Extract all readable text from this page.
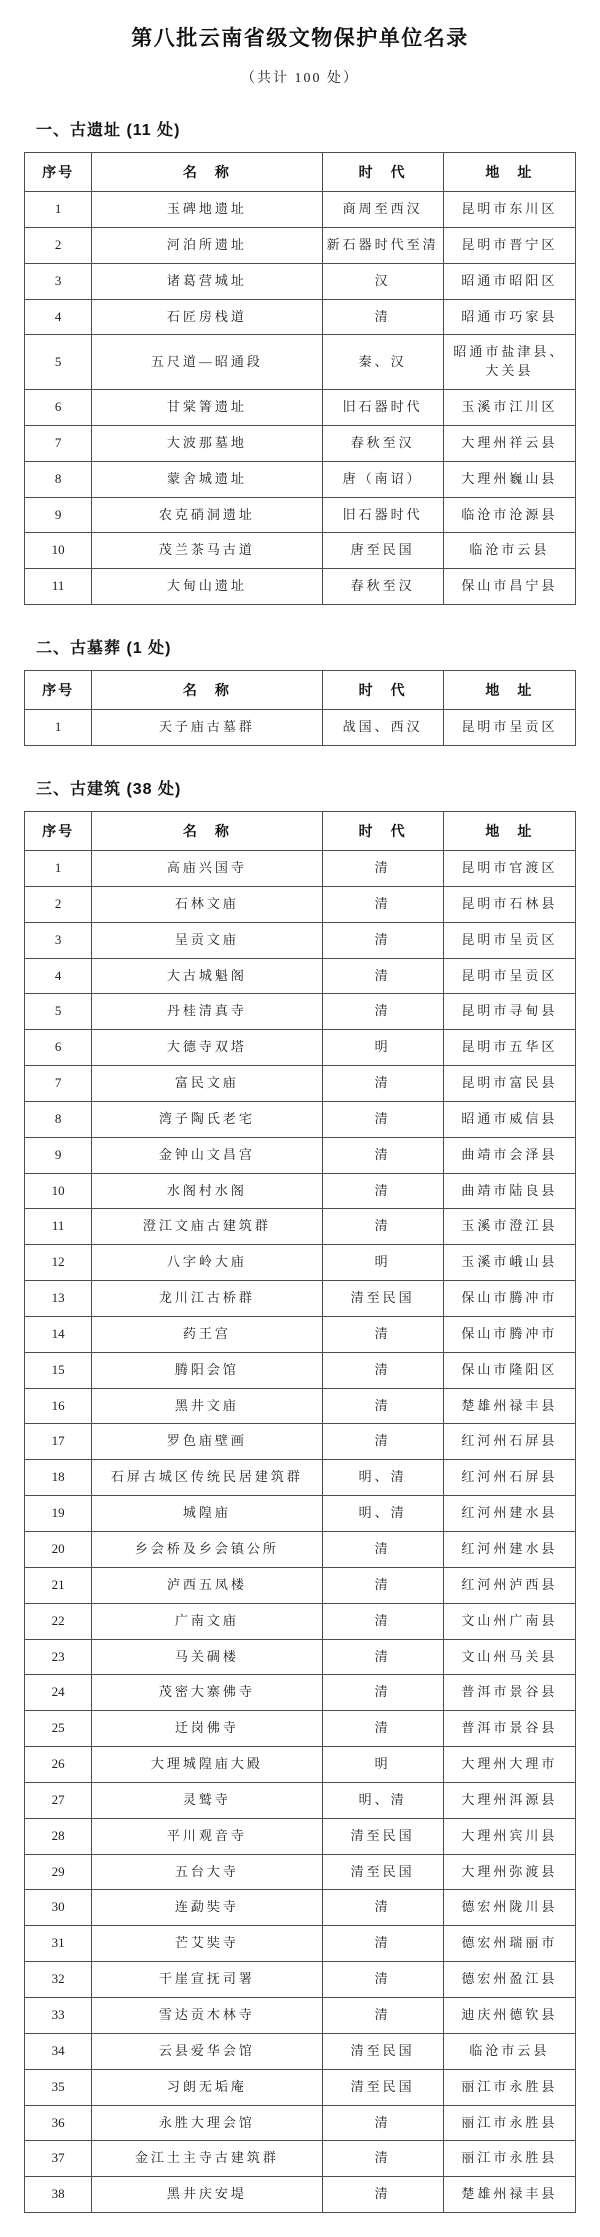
第八批云南省级文物保护单位名录
（共计 100 处）
一、古遗址 (11 处)
序号	名　称	时　代	地　址
1	玉碑地遗址	商周至西汉	昆明市东川区
2	河泊所遗址	新石器时代至清	昆明市晋宁区
3	诸葛营城址	汉	昭通市昭阳区
4	石匠房栈道	清	昭通市巧家县
5	五尺道—昭通段	秦、汉	昭通市盐津县、大关县
6	甘棠箐遗址	旧石器时代	玉溪市江川区
7	大波那墓地	春秋至汉	大理州祥云县
8	蒙舍城遗址	唐（南诏）	大理州巍山县
9	农克硝洞遗址	旧石器时代	临沧市沧源县
10	茂兰茶马古道	唐至民国	临沧市云县
11	大甸山遗址	春秋至汉	保山市昌宁县
二、古墓葬 (1 处)
序号	名　称	时　代	地　址
1	天子庙古墓群	战国、西汉	昆明市呈贡区
三、古建筑 (38 处)
序号	名　称	时　代	地　址
1	高庙兴国寺	清	昆明市官渡区
2	石林文庙	清	昆明市石林县
3	呈贡文庙	清	昆明市呈贡区
4	大古城魁阁	清	昆明市呈贡区
5	丹桂清真寺	清	昆明市寻甸县
6	大德寺双塔	明	昆明市五华区
7	富民文庙	清	昆明市富民县
8	湾子陶氏老宅	清	昭通市威信县
9	金钟山文昌宫	清	曲靖市会泽县
10	水阁村水阁	清	曲靖市陆良县
11	澄江文庙古建筑群	清	玉溪市澄江县
12	八字岭大庙	明	玉溪市峨山县
13	龙川江古桥群	清至民国	保山市腾冲市
14	药王宫	清	保山市腾冲市
15	腾阳会馆	清	保山市隆阳区
16	黑井文庙	清	楚雄州禄丰县
17	罗色庙壁画	清	红河州石屏县
18	石屏古城区传统民居建筑群	明、清	红河州石屏县
19	城隍庙	明、清	红河州建水县
20	乡会桥及乡会镇公所	清	红河州建水县
21	泸西五凤楼	清	红河州泸西县
22	广南文庙	清	文山州广南县
23	马关碉楼	清	文山州马关县
24	茂密大寨佛寺	清	普洱市景谷县
25	迁岗佛寺	清	普洱市景谷县
26	大理城隍庙大殿	明	大理州大理市
27	灵鹫寺	明、清	大理州洱源县
28	平川观音寺	清至民国	大理州宾川县
29	五台大寺	清至民国	大理州弥渡县
30	连勐奘寺	清	德宏州陇川县
31	芒艾奘寺	清	德宏州瑞丽市
32	干崖宣抚司署	清	德宏州盈江县
33	雪达贡木林寺	清	迪庆州德钦县
34	云县爱华会馆	清至民国	临沧市云县
35	习朗无垢庵	清至民国	丽江市永胜县
36	永胜大理会馆	清	丽江市永胜县
37	金江土主寺古建筑群	清	丽江市永胜县
38	黑井庆安堤	清	楚雄州禄丰县
